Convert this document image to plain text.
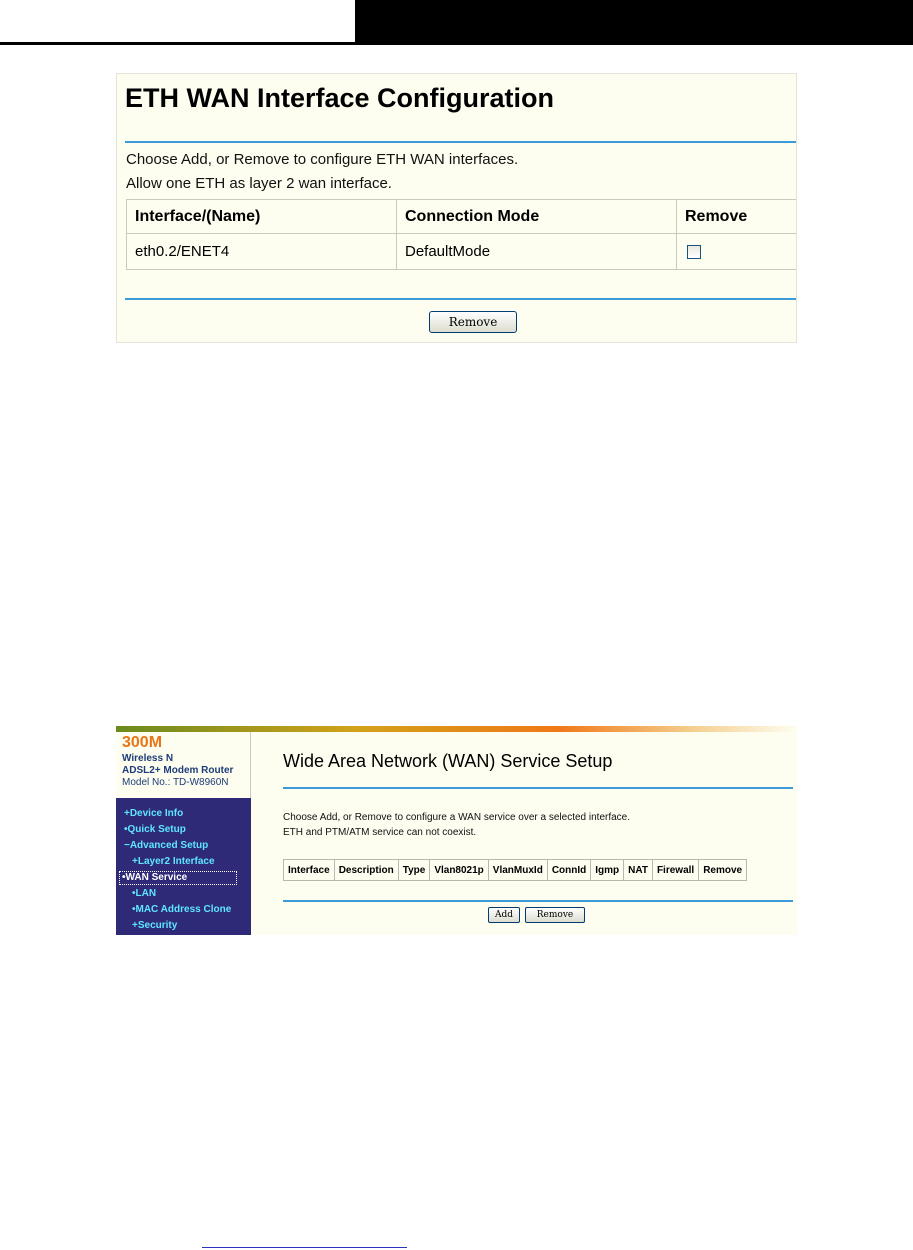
ETH WAN Interface Configuration
Choose Add, or Remove to configure ETH WAN interfaces.
Allow one ETH as layer 2 wan interface.
Interface/(Name)	Connection Mode	Remove
eth0.2/ENET4	DefaultMode	
Remove
300M
Wireless N
ADSL2+ Modem Router
Model No.: TD-W8960N
+Device Info
•Quick Setup
−Advanced Setup
+Layer2 Interface
•WAN Service
•LAN
•MAC Address Clone
+Security
Wide Area Network (WAN) Service Setup
Choose Add, or Remove to configure a WAN service over a selected interface.
ETH and PTM/ATM service can not coexist.
Interface	Description	Type	Vlan8021p	VlanMuxId	ConnId	Igmp	NAT	Firewall	Remove
Add	Remove
